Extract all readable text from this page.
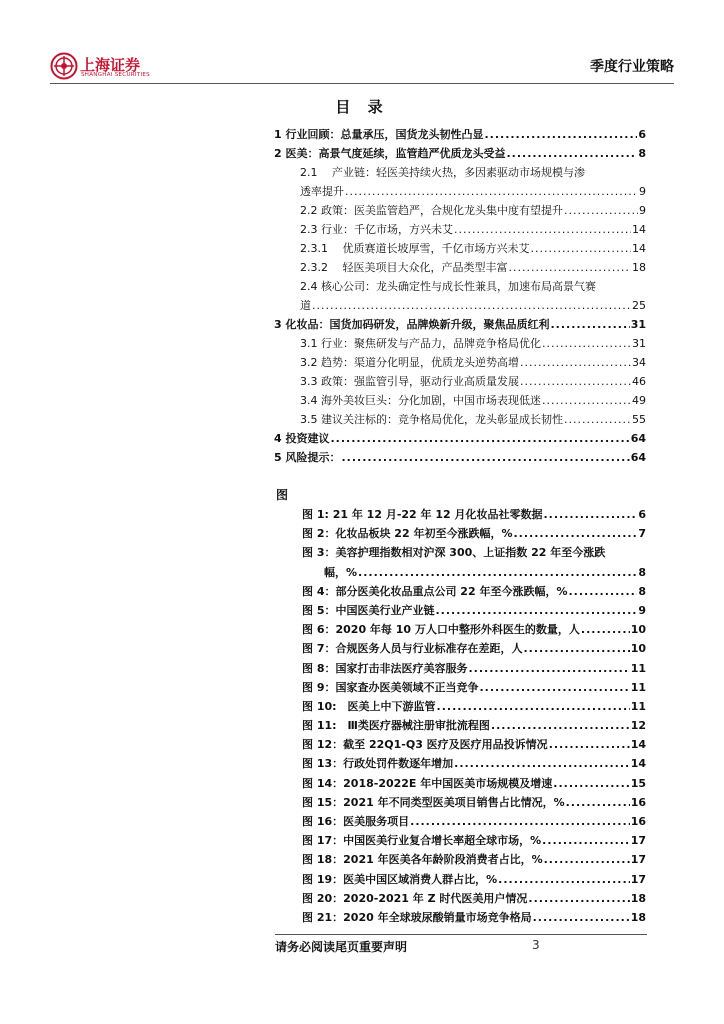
上海证券
SHANGHAI SECURITIES	季度行业策略
目 录
1 行业回顾：总量承压，国货龙头韧性凸显 .....	6
2 医美：高景气度延续，监管趋严优质龙头受益 .....	8
2.1　 产业链：轻医美持续火热，多因素驱动市场规模与渗
透率提升 .....	9
2.2 政策：医美监管趋严，合规化龙头集中度有望提升 .....	9
2.3 行业：千亿市场，方兴未艾 .....	14
2.3.1　 优质赛道长坡厚雪，千亿市场方兴未艾 .....	14
2.3.2　 轻医美项目大众化，产品类型丰富 .....	18
2.4 核心公司：龙头确定性与成长性兼具，加速布局高景气赛
道 .....	25
3 化妆品：国货加码研发，品牌焕新升级，聚焦品质红利 .....	31
3.1 行业：聚焦研发与产品力，品牌竞争格局优化 .....	31
3.2 趋势：渠道分化明显，优质龙头逆势高增 .....	34
3.3 政策：强监管引导，驱动行业高质量发展 .....	46
3.4 海外美妆巨头：分化加剧，中国市场表现低迷 .....	49
3.5 建议关注标的：竞争格局优化，龙头彰显成长韧性 .....	55
4 投资建议 .....	64
5 风险提示： .....	64
图
图 1: 21 年 12 月-22 年 12 月化妆品社零数据 .....	6
图 2：化妆品板块 22 年初至今涨跌幅，% .....	7
图 3：美容护理指数相对沪深 300、上证指数 22 年至今涨跌
幅，% .....	8
图 4：部分医美化妆品重点公司 22 年至今涨跌幅，% .....	8
图 5：中国医美行业产业链 .....	9
图 6：2020 年每 10 万人口中整形外科医生的数量，人 .....	10
图 7：合规医务人员与行业标准存在差距，人 .....	10
图 8：国家打击非法医疗美容服务 .....	11
图 9：国家查办医美领域不正当竞争 .....	11
图 10:　医美上中下游监管 .....	11
图 11:　Ⅲ类医疗器械注册审批流程图 .....	12
图 12：截至 22Q1-Q3 医疗及医疗用品投诉情况 .....	14
图 13：行政处罚件数逐年增加 .....	14
图 14：2018-2022E 年中国医美市场规模及增速 .....	15
图 15：2021 年不同类型医美项目销售占比情况，% .....	16
图 16：医美服务项目 .....	16
图 17：中国医美行业复合增长率超全球市场，% .....	17
图 18：2021 年医美各年龄阶段消费者占比，% .....	17
图 19：医美中国区域消费人群占比，% .....	17
图 20：2020-2021 年 Z 时代医美用户情况 .....	18
图 21：2020 年全球玻尿酸销量市场竞争格局 .....	18
请务必阅读尾页重要声明	3
